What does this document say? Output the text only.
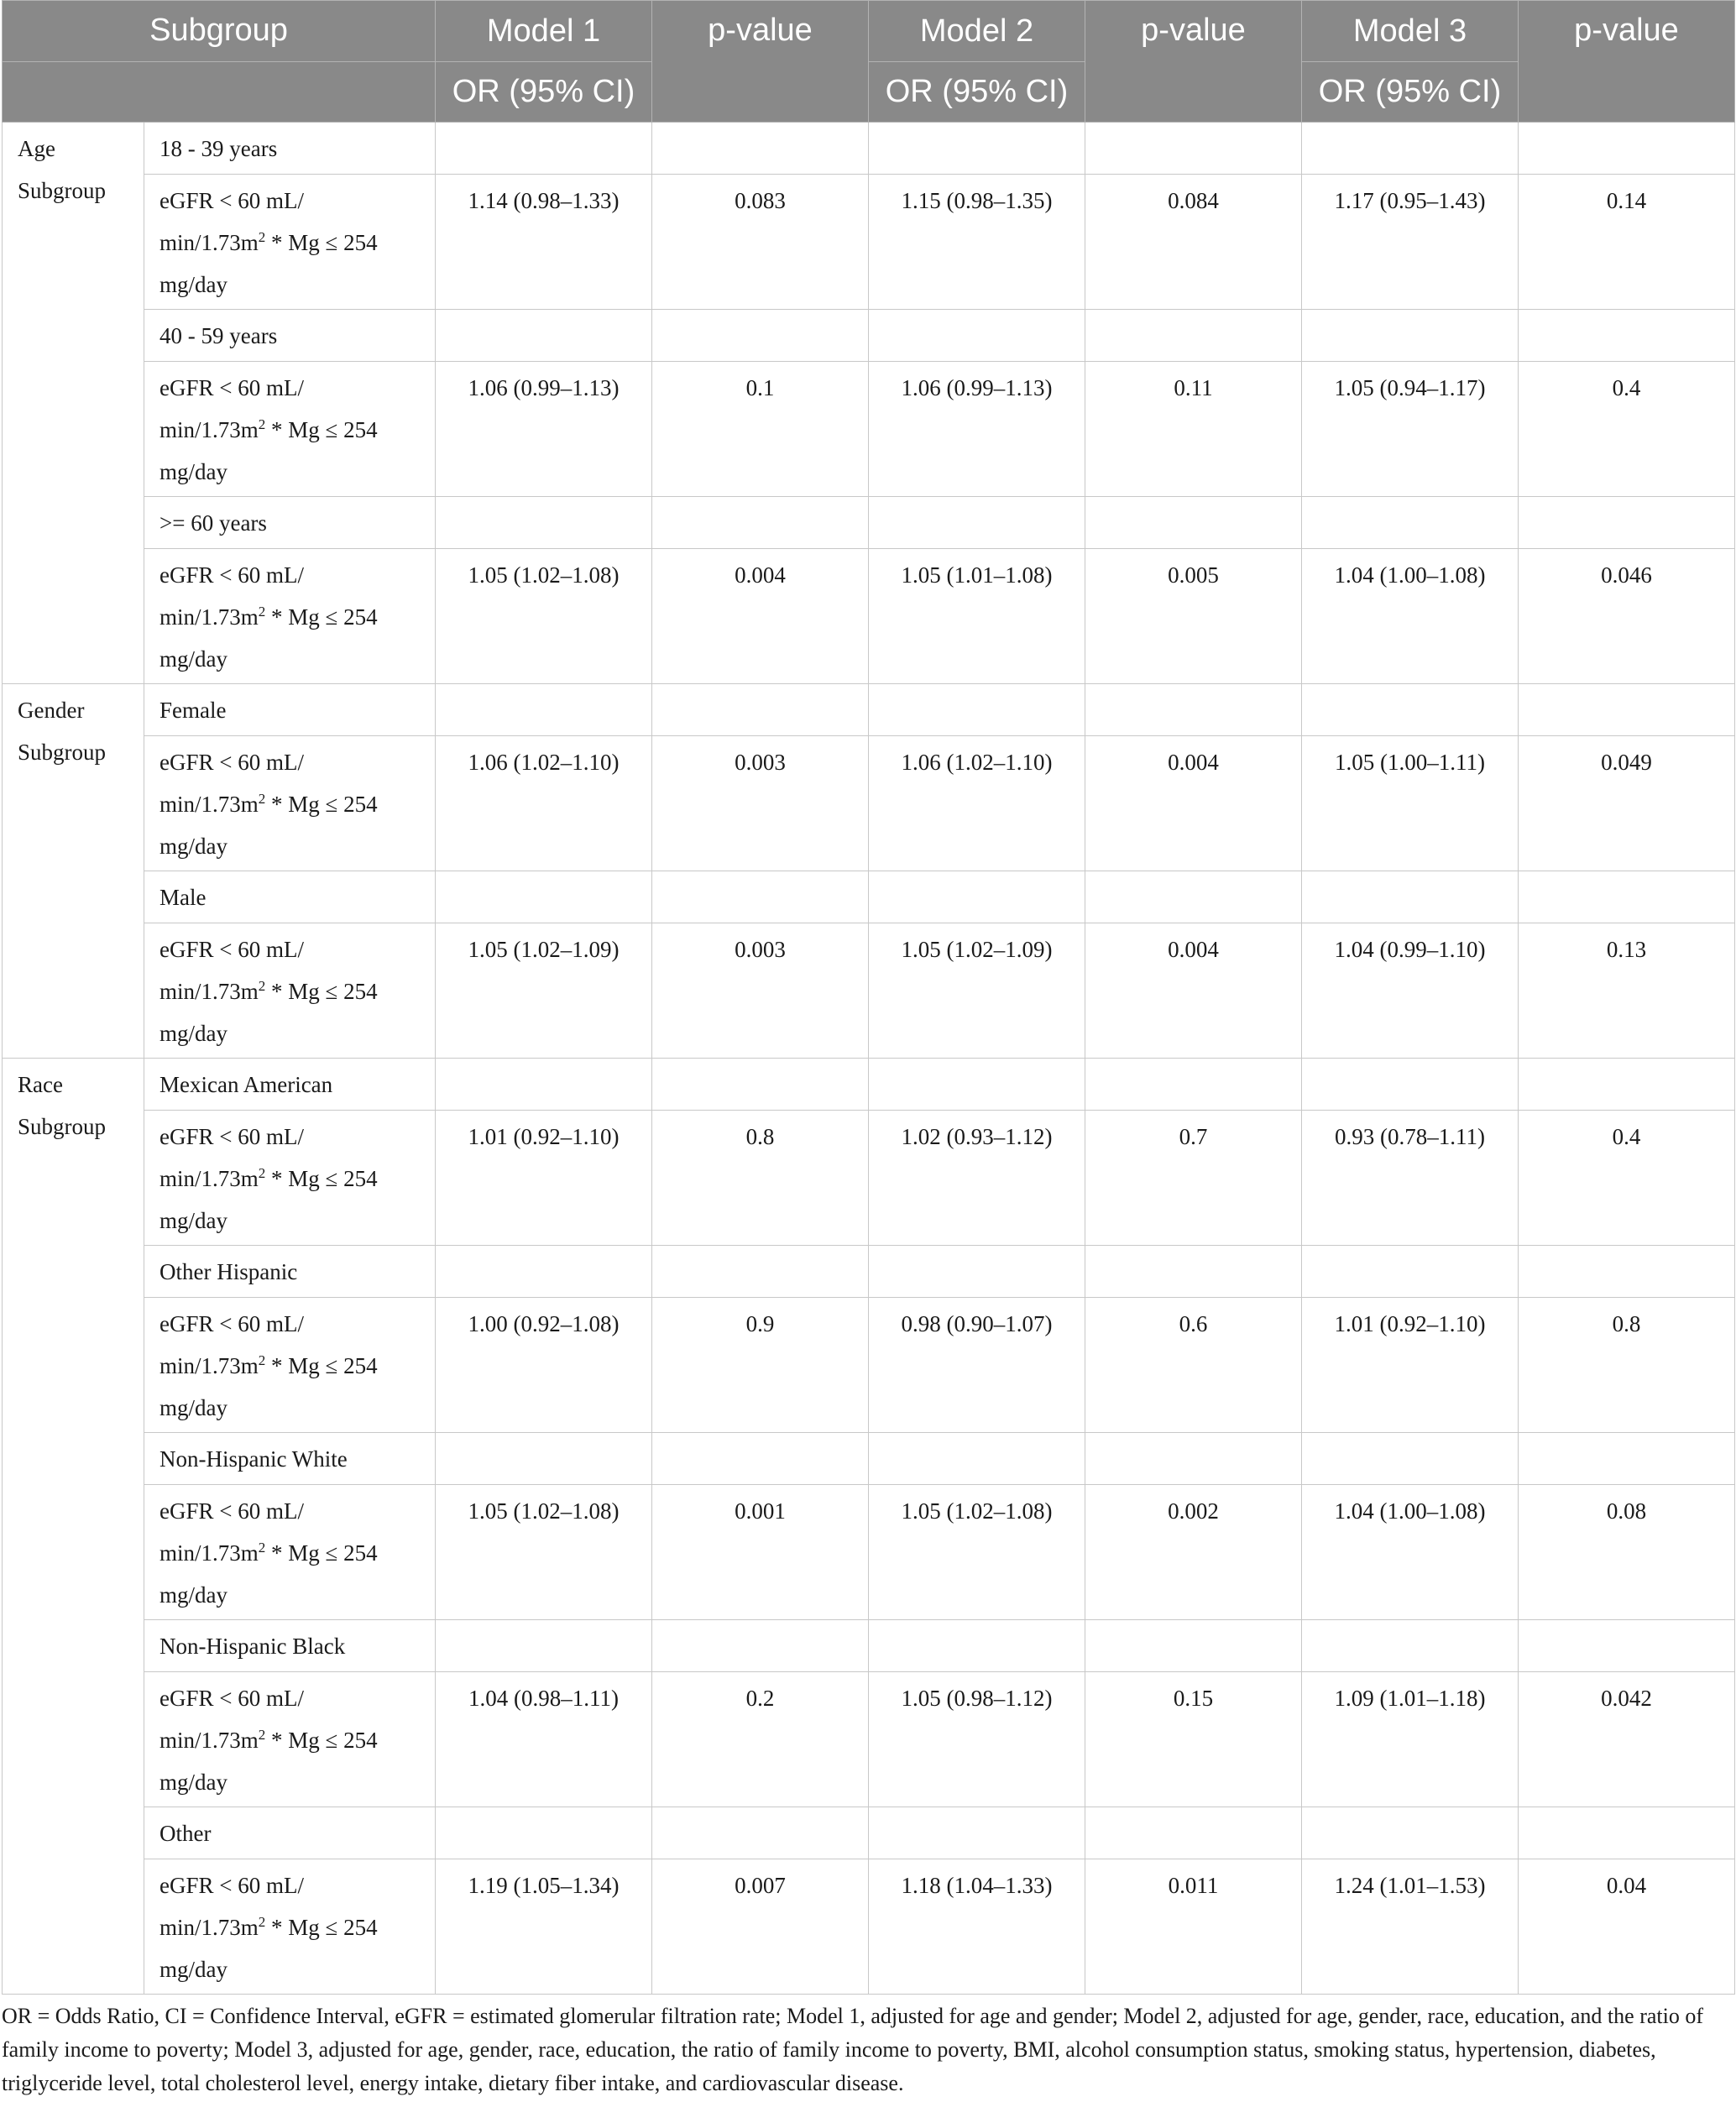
Subgroup		Model 1	p-value	Model 2	p-value	Model 3	p-value
		OR (95% CI)		OR (95% CI)		OR (95% CI)	

Age
Subgroup	18 - 39 years						

	eGFR < 60 mL/
$\min/1.73m^2 * Mg \le 254$
mg/day	1.14 (0.98–1.33)	0.083	1.15 (0.98–1.35)	0.084	1.17 (0.95–1.43)	0.14
	40 - 59 years						

	eGFR < 60 mL/
$\min/1.73m^2 * Mg \le 254$
mg/day	1.06 (0.99–1.13)	0.1	1.06 (0.99–1.13)	0.11	1.05 (0.94–1.17)	0.4
	>= 60 years						

	eGFR < 60 mL/
$\min/1.73m^2 * Mg \le 254$
mg/day	1.05 (1.02–1.08)	0.004	1.05 (1.01–1.08)	0.005	1.04 (1.00–1.08)	0.046

Gender
Subgroup	Female						

	eGFR < 60 mL/
$\min/1.73m^2 * Mg \le 254$
mg/day	1.06 (1.02–1.10)	0.003	1.06 (1.02–1.10)	0.004	1.05 (1.00–1.11)	0.049
	Male						

	eGFR < 60 mL/
$\min/1.73m^2 * Mg \le 254$
mg/day	1.05 (1.02–1.09)	0.003	1.05 (1.02–1.09)	0.004	1.04 (0.99–1.10)	0.13

Race
Subgroup	Mexican American						

	eGFR < 60 mL/
$\min/1.73m^2 * Mg \le 254$
mg/day	1.01 (0.92–1.10)	0.8	1.02 (0.93–1.12)	0.7	0.93 (0.78–1.11)	0.4
	Other Hispanic						

	eGFR < 60 mL/
$\min/1.73m^2 * Mg \le 254$
mg/day	1.00 (0.92–1.08)	0.9	0.98 (0.90–1.07)	0.6	1.01 (0.92–1.10)	0.8
	Non-Hispanic White						

	eGFR < 60 mL/
$\min/1.73m^2 * Mg \le 254$
mg/day	1.05 (1.02–1.08)	0.001	1.05 (1.02–1.08)	0.002	1.04 (1.00–1.08)	0.08
	Non-Hispanic Black						

	eGFR < 60 mL/
$\min/1.73m^2 * Mg \le 254$
mg/day	1.04 (0.98–1.11)	0.2	1.05 (0.98–1.12)	0.15	1.09 (1.01–1.18)	0.042
	Other						

	eGFR < 60 mL/
$\min/1.73m^2 * Mg \le 254$
mg/day	1.19 (1.05–1.34)	0.007	1.18 (1.04–1.33)	0.011	1.24 (1.01–1.53)	0.04
OR = Odds Ratio, CI = Confidence Interval, eGFR = estimated glomerular filtration rate; Model 1, adjusted for age and gender; Model 2, adjusted for age, gender, race, education, and the ratio of family income to poverty; Model 3, adjusted for age, gender, race, education, the ratio of family income to poverty, BMI, alcohol consumption status, smoking status, hypertension, diabetes, triglyceride level, total cholesterol level, energy intake, dietary fiber intake, and cardiovascular disease.
